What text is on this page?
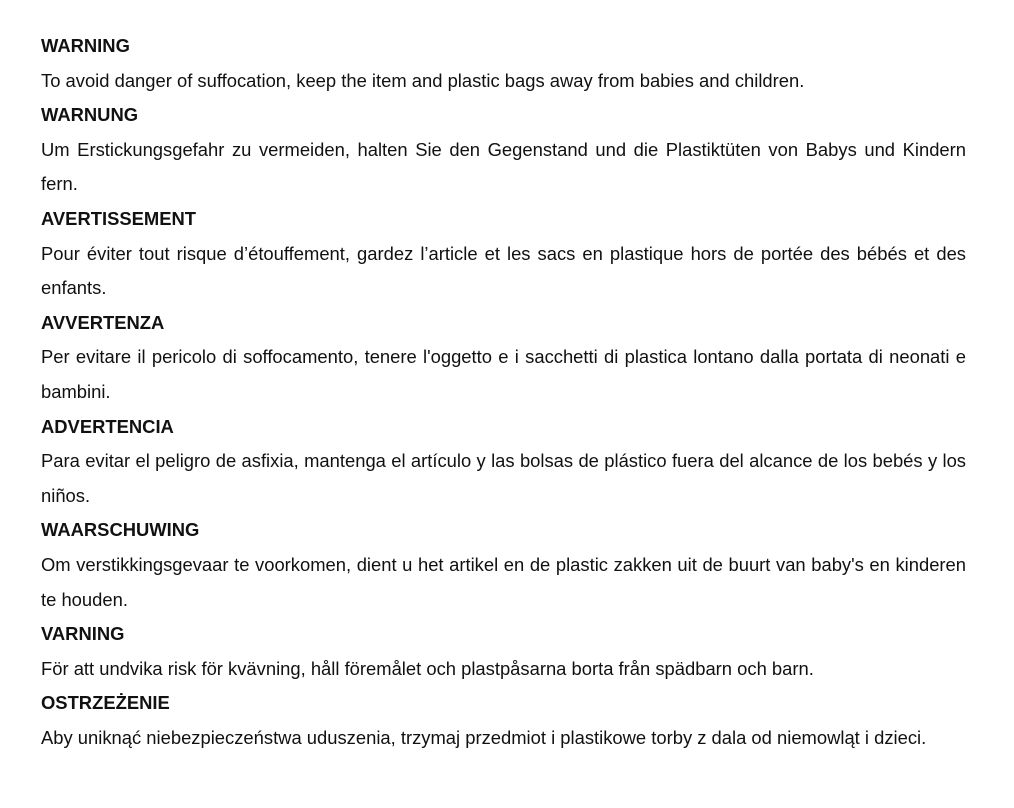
WARNING
To avoid danger of suffocation, keep the item and plastic bags away from babies and children.
WARNUNG
Um Erstickungsgefahr zu vermeiden, halten Sie den Gegenstand und die Plastiktüten von Babys und Kindern fern.
AVERTISSEMENT
Pour éviter tout risque d’étouffement, gardez l’article et les sacs en plastique hors de portée des bébés et des enfants.
AVVERTENZA
Per evitare il pericolo di soffocamento, tenere l'oggetto e i sacchetti di plastica lontano dalla portata di neonati e bambini.
ADVERTENCIA
Para evitar el peligro de asfixia, mantenga el artículo y las bolsas de plástico fuera del alcance de los bebés y los niños.
WAARSCHUWING
Om verstikkingsgevaar te voorkomen, dient u het artikel en de plastic zakken uit de buurt van baby's en kinderen te houden.
VARNING
För att undvika risk för kvävning, håll föremålet och plastpåsarna borta från spädbarn och barn.
OSTRZEŻENIE
Aby uniknąć niebezpieczeństwa uduszenia, trzymaj przedmiot i plastikowe torby z dala od niemowląt i dzieci.
